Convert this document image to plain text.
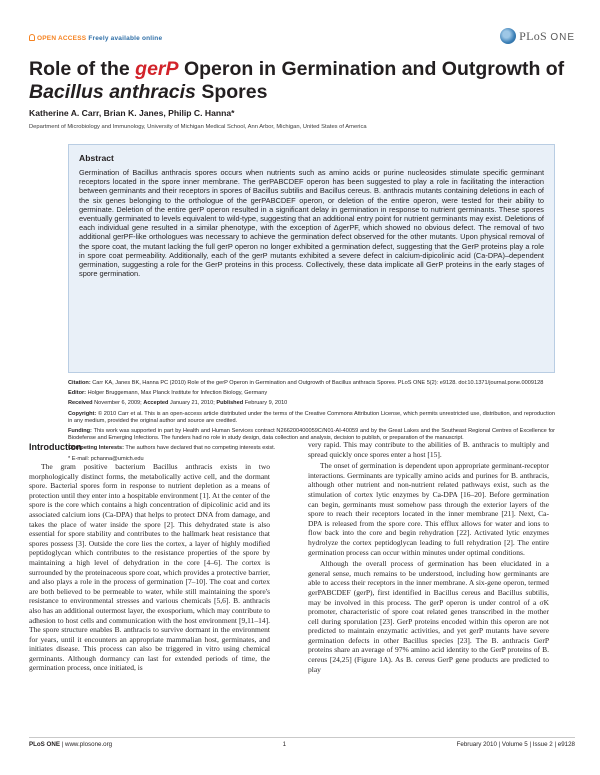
OPEN ACCESS Freely available online	PLoS ONE
Role of the gerP Operon in Germination and Outgrowth of Bacillus anthracis Spores
Katherine A. Carr, Brian K. Janes, Philip C. Hanna*
Department of Microbiology and Immunology, University of Michigan Medical School, Ann Arbor, Michigan, United States of America
Abstract

Germination of Bacillus anthracis spores occurs when nutrients such as amino acids or purine nucleosides stimulate specific germinant receptors located in the spore inner membrane. The gerPABCDEF operon has been suggested to play a role in facilitating the interaction between germinants and their receptors in spores of Bacillus subtilis and Bacillus cereus. B. anthracis mutants containing deletions in each of the six genes belonging to the orthologue of the gerPABCDEF operon, or deletion of the entire operon, were tested for their ability to germinate. Deletion of the entire gerP operon resulted in a significant delay in germination in response to nutrient germinants. These spores eventually germinated to levels equivalent to wild-type, suggesting that an additional entry point for nutrient germinants may exist. Deletions of each individual gene resulted in a similar phenotype, with the exception of ΔgerPF, which showed no obvious defect. The removal of two additional gerPF-like orthologues was necessary to achieve the germination defect observed for the other mutants. Upon physical removal of the spore coat, the mutant lacking the full gerP operon no longer exhibited a germination defect, suggesting that the GerP proteins play a role in spore coat permeability. Additionally, each of the gerP mutants exhibited a severe defect in calcium-dipicolinic acid (Ca-DPA)–dependent germination, suggesting a role for the GerP proteins in this process. Collectively, these data implicate all GerP proteins in the early stages of spore germination.

Citation: Carr KA, Janes BK, Hanna PC (2010) Role of the gerP Operon in Germination and Outgrowth of Bacillus anthracis Spores. PLoS ONE 5(2): e9128. doi:10.1371/journal.pone.0009128
Editor: Holger Bruggemann, Max Planck Institute for Infection Biology, Germany
Received November 6, 2009; Accepted January 21, 2010; Published February 9, 2010
Copyright: © 2010 Carr et al. This is an open-access article distributed under the terms of the Creative Commons Attribution License, which permits unrestricted use, distribution, and reproduction in any medium, provided the original author and source are credited.
Funding: This work was supported in part by Health and Human Services contract N266200400059C/N01-AI-40059 and by the Great Lakes and the Southeast Regional Centres of Excellence for Biodefense and Emerging Infections. The funders had no role in study design, data collection and analysis, decision to publish, or preparation of the manuscript.
Competing Interests: The authors have declared that no competing interests exist.
* E-mail: pchanna@umich.edu
Introduction

The gram positive bacterium Bacillus anthracis exists in two morphologically distinct forms, the metabolically active cell, and the dormant spore. Bacterial spores form in response to nutrient depletion as a means of protection until they enter into a hospitable environment [1]. At the center of the spore is the core which contains a high concentration of dipicolinic acid and its associated calcium ions (Ca-DPA) that helps to protect DNA from damage, and takes the place of water inside the spore [2]. This dehydrated state is also essential for spore stability and contributes to the hallmark heat resistance that spores possess [3]. Outside the core lies the cortex, a layer of highly modified peptidoglycan which contributes to the resistance properties of the spore by maintaining a high level of dehydration in the core [4–6]. The cortex is surrounded by the proteinaceous spore coat, which provides a protective barrier, and also plays a role in the process of germination [7–10]. The coat and cortex are both believed to be permeable to water, while still maintaining the spore's resistance to environmental stresses and various chemicals [5,6]. B. anthracis also has an additional outermost layer, the exosporium, which may contribute to adhesion to host cells and communication with the host environment [9,11–14]. The spore structure enables B. anthracis to survive dormant in the environment for years, until it encounters an appropriate mammalian host, germinates, and initiates disease. This process can also be triggered in vitro using chemical germinants. Although dormancy can last for extended periods of time, the germination process, once initiated, is

very rapid. This may contribute to the abilities of B. anthracis to multiply and spread quickly once spores enter a host [15].

The onset of germination is dependent upon appropriate germinant-receptor interactions. Germinants are typically amino acids and purines for B. anthracis, although other nutrient and non-nutrient related pathways exist, such as the stimulation of cortex lytic enzymes by Ca-DPA [16–20]. Before germination can begin, germinants must somehow pass through the exterior layers of the spore to reach their receptors located in the inner membrane [21]. Next, Ca-DPA is released from the spore core. This efflux allows for water and ions to flow back into the core and begin rehydration [22]. Activated lytic enzymes hydrolyze the cortex peptidoglycan leading to full rehydration [2]. The entire germination process can occur within minutes under optimal conditions.

Although the overall process of germination has been elucidated in a general sense, much remains to be understood, including how germinants are able to access their receptors in the inner membrane. A six-gene operon, termed gerPABCDEF (gerP), first identified in Bacillus cereus and Bacillus subtilis, may be involved in this process. The gerP operon is under control of a σK promoter, characteristic of spore coat related genes transcribed in the mother cell during sporulation [23]. GerP proteins encoded within this operon are not predicted to maintain enzymatic activities, and yet gerP mutants have severe germination defects in other Bacillus species [23]. The B. anthracis GerP proteins share an average of 97% amino acid identity to the GerP proteins of B. cereus [24,25] (Figure 1A). As B. cereus GerP gene products are predicted to play

PLoS ONE | www.plosone.org	1	February 2010 | Volume 5 | Issue 2 | e9128
